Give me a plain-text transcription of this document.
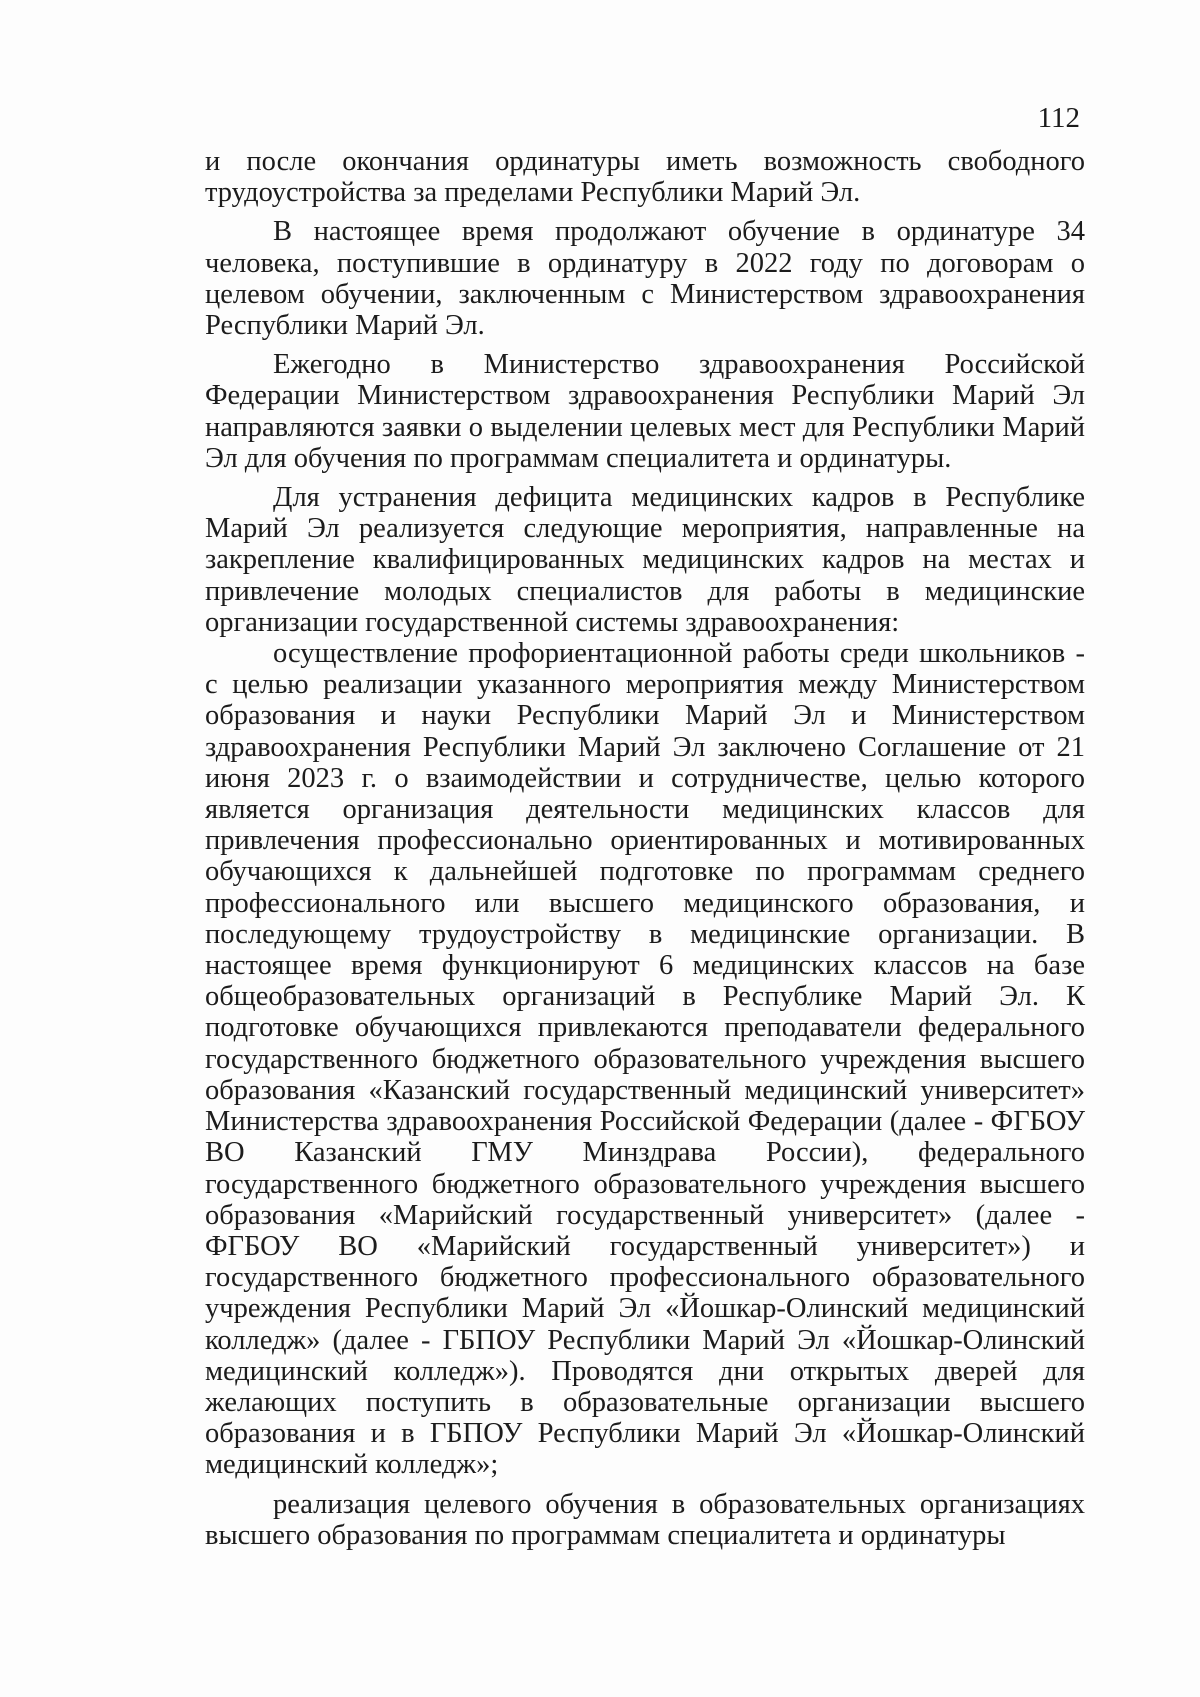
112

и после окончания ординатуры иметь возможность свободного трудоустройства за пределами Республики Марий Эл.

В настоящее время продолжают обучение в ординатуре 34 человека, поступившие в ординатуру в 2022 году по договорам о целевом обучении, заключенным с Министерством здравоохранения Республики Марий Эл.

Ежегодно в Министерство здравоохранения Российской Федерации Министерством здравоохранения Республики Марий Эл направляются заявки о выделении целевых мест для Республики Марий Эл для обучения по программам специалитета и ординатуры.

Для устранения дефицита медицинских кадров в Республике Марий Эл реализуется следующие мероприятия, направленные на закрепление квалифицированных медицинских кадров на местах и привлечение молодых специалистов для работы в медицинские организации государственной системы здравоохранения:

осуществление профориентационной работы среди школьников - с целью реализации указанного мероприятия между Министерством образования и науки Республики Марий Эл и Министерством здравоохранения Республики Марий Эл заключено Соглашение от 21 июня 2023 г. о взаимодействии и сотрудничестве, целью которого является организация деятельности медицинских классов для привлечения профессионально ориентированных и мотивированных обучающихся к дальнейшей подготовке по программам среднего профессионального или высшего медицинского образования, и последующему трудоустройству в медицинские организации. В настоящее время функционируют 6 медицинских классов на базе общеобразовательных организаций в Республике Марий Эл. К подготовке обучающихся привлекаются преподаватели федерального государственного бюджетного образовательного учреждения высшего образования «Казанский государственный медицинский университет» Министерства здравоохранения Российской Федерации (далее - ФГБОУ ВО Казанский ГМУ Минздрава России), федерального государственного бюджетного образовательного учреждения высшего образования «Марийский государственный университет» (далее - ФГБОУ ВО «Марийский государственный университет») и государственного бюджетного профессионального образовательного учреждения Республики Марий Эл «Йошкар-Олинский медицинский колледж» (далее - ГБПОУ Республики Марий Эл «Йошкар-Олинский медицинский колледж»). Проводятся дни открытых дверей для желающих поступить в образовательные организации высшего образования и в ГБПОУ Республики Марий Эл «Йошкар-Олинский медицинский колледж»;

реализация целевого обучения в образовательных организациях высшего образования по программам специалитета и ординатуры
